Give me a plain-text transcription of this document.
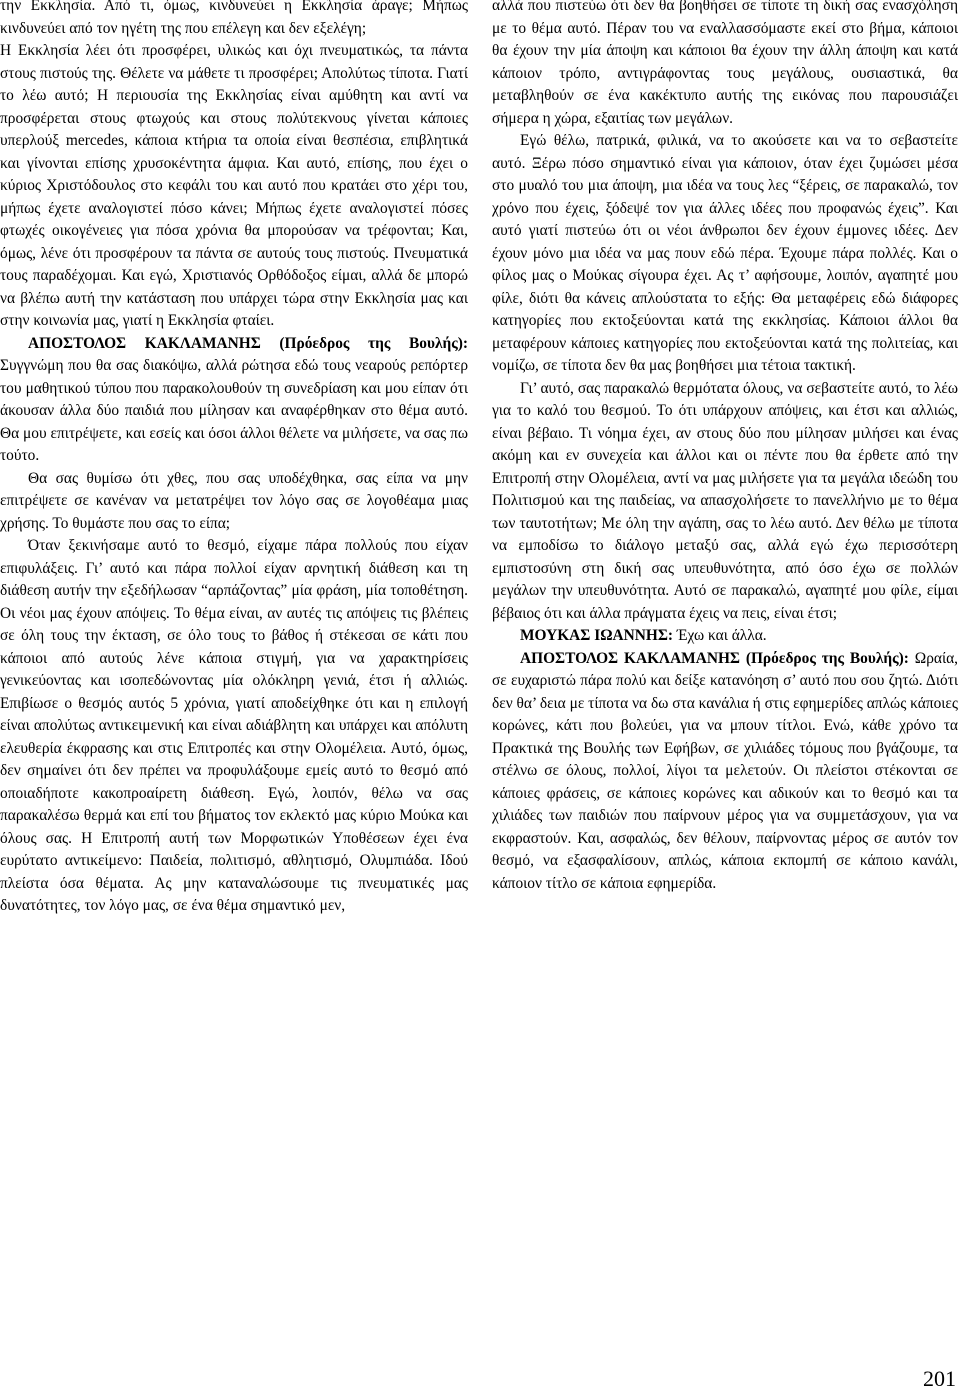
την Εκκλησία. Από τι, όμως, κινδυνεύει η Εκκλησία άραγε; Μήπως κινδυνεύει από τον ηγέτη της που επέλεγη και δεν εξελέγη;

Η Εκκλησία λέει ότι προσφέρει, υλικώς και όχι πνευματικώς, τα πάντα στους πιστούς της. Θέλετε να μάθετε τι προσφέρει; Απολύτως τίποτα. Γιατί το λέω αυτό; Η περιουσία της Εκκλησίας είναι αμύθητη και αντί να προσφέρεται στους φτωχούς και στους πολύτεκνους γίνεται κάποιες υπερλούξ mercedes, κάποια κτήρια τα οποία είναι θεσπέσια, επιβλητικά και γίνονται επίσης χρυσοκέντητα άμφια. Και αυτό, επίσης, που έχει ο κύριος Χριστόδουλος στο κεφάλι του και αυτό που κρατάει στο χέρι του, μήπως έχετε αναλογιστεί πόσο κάνει; Μήπως έχετε αναλογιστεί πόσες φτωχές οικογένειες για πόσα χρόνια θα μπορούσαν να τρέφονται; Και, όμως, λένε ότι προσφέρουν τα πάντα σε αυτούς τους πιστούς. Πνευματικά τους παραδέχομαι. Και εγώ, Χριστιανός Ορθόδοξος είμαι, αλλά δε μπορώ να βλέπω αυτή την κατάσταση που υπάρχει τώρα στην Εκκλησία μας και στην κοινωνία μας, γιατί η Εκκλησία φταίει.

ΑΠΟΣΤΟΛΟΣ ΚΑΚΛΑΜΑΝΗΣ (Πρόεδρος της Βουλής): Συγγνώμη που θα σας διακόψω, αλλά ρώτησα εδώ τους νεαρούς ρεπόρτερ του μαθητικού τύπου που παρακολουθούν τη συνεδρίαση και μου είπαν ότι άκουσαν άλλα δύο παιδιά που μίλησαν και αναφέρθηκαν στο θέμα αυτό. Θα μου επιτρέψετε, και εσείς και όσοι άλλοι θέλετε να μιλήσετε, να σας πω τούτο.

Θα σας θυμίσω ότι χθες, που σας υποδέχθηκα, σας είπα να μην επιτρέψετε σε κανέναν να μετατρέψει τον λόγο σας σε λογοθέαμα μιας χρήσης. Το θυμάστε που σας το είπα;

Όταν ξεκινήσαμε αυτό το θεσμό, είχαμε πάρα πολλούς που είχαν επιφυλάξεις. Γι’ αυτό και πάρα πολλοί είχαν αρνητική διάθεση και τη διάθεση αυτήν την εξεδήλωσαν “αρπάζοντας” μία φράση, μία τοποθέτηση. Οι νέοι μας έχουν απόψεις. Το θέμα είναι, αν αυτές τις απόψεις τις βλέπεις σε όλη τους την έκταση, σε όλο τους το βάθος ή στέκεσαι σε κάτι που κάποιοι από αυτούς λένε κάποια στιγμή, για να χαρακτηρίσεις γενικεύοντας και ισοπεδώνοντας μία ολόκληρη γενιά, έτσι ή αλλιώς. Επιβίωσε ο θεσμός αυτός 5 χρόνια, γιατί αποδείχθηκε ότι και η επιλογή είναι απολύτως αντικειμενική και είναι αδιάβλητη και υπάρχει και απόλυτη ελευθερία έκφρασης και στις Επιτροπές και στην Ολομέλεια. Αυτό, όμως, δεν σημαίνει ότι δεν πρέπει να προφυλάξουμε εμείς αυτό το θεσμό από οποιαδήποτε κακοπροαίρετη διάθεση. Εγώ, λοιπόν, θέλω να σας παρακαλέσω θερμά και επί του βήματος τον εκλεκτό μας κύριο Μούκα και όλους σας. Η Επιτροπή αυτή των Μορφωτικών Υποθέσεων έχει ένα ευρύτατο αντικείμενο: Παιδεία, πολιτισμό, αθλητισμό, Ολυμπιάδα. Ιδού πλείστα όσα θέματα. Ας μην καταναλώσουμε τις πνευματικές μας δυνατότητες, τον λόγο μας, σε ένα θέμα σημαντικό μεν,

αλλά που πιστεύω ότι δεν θα βοηθήσει σε τίποτε τη δική σας ενασχόληση με το θέμα αυτό. Πέραν του να εναλλασσόμαστε εκεί στο βήμα, κάποιοι θα έχουν την μία άποψη και κάποιοι θα έχουν την άλλη άποψη και κατά κάποιον τρόπο, αντιγράφοντας τους μεγάλους, ουσιαστικά, θα μεταβληθούν σε ένα κακέκτυπο αυτής της εικόνας που παρουσιάζει σήμερα η χώρα, εξαιτίας των μεγάλων.

Εγώ θέλω, πατρικά, φιλικά, να το ακούσετε και να το σεβαστείτε αυτό. Ξέρω πόσο σημαντικό είναι για κάποιον, όταν έχει ζυμώσει μέσα στο μυαλό του μια άποψη, μια ιδέα να τους λες “ξέρεις, σε παρακαλώ, τον χρόνο που έχεις, ξόδεψέ τον για άλλες ιδέες που προφανώς έχεις”. Και αυτό γιατί πιστεύω ότι οι νέοι άνθρωποι δεν έχουν έμμονες ιδέες. Δεν έχουν μόνο μια ιδέα να μας πουν εδώ πέρα. Έχουμε πάρα πολλές. Και ο φίλος μας ο Μούκας σίγουρα έχει. Ας τ’ αφήσουμε, λοιπόν, αγαπητέ μου φίλε, διότι θα κάνεις απλούστατα το εξής: Θα μεταφέρεις εδώ διάφορες κατηγορίες που εκτοξεύονται κατά της εκκλησίας. Κάποιοι άλλοι θα μεταφέρουν κάποιες κατηγορίες που εκτοξεύονται κατά της πολιτείας, και νομίζω, σε τίποτα δεν θα μας βοηθήσει μια τέτοια τακτική.

Γι’ αυτό, σας παρακαλώ θερμότατα όλους, να σεβαστείτε αυτό, το λέω για το καλό του θεσμού. Το ότι υπάρχουν απόψεις, και έτσι και αλλιώς, είναι βέβαιο. Τι νόημα έχει, αν στους δύο που μίλησαν μιλήσει και ένας ακόμη και εν συνεχεία και άλλοι και οι πέντε που θα έρθετε από την Επιτροπή στην Ολομέλεια, αντί να μας μιλήσετε για τα μεγάλα ιδεώδη του Πολιτισμού και της παιδείας, να απασχολήσετε το πανελλήνιο με το θέμα των ταυτοτήτων; Με όλη την αγάπη, σας το λέω αυτό. Δεν θέλω με τίποτα να εμποδίσω το διάλογο μεταξύ σας, αλλά εγώ έχω περισσότερη εμπιστοσύνη στη δική σας υπευθυνότητα, από όσο έχω σε πολλών μεγάλων την υπευθυνότητα. Αυτό σε παρακαλώ, αγαπητέ μου φίλε, είμαι βέβαιος ότι και άλλα πράγματα έχεις να πεις, είναι έτσι;

ΜΟΥΚΑΣ ΙΩΑΝΝΗΣ: Έχω και άλλα.

ΑΠΟΣΤΟΛΟΣ ΚΑΚΛΑΜΑΝΗΣ (Πρόεδρος της Βουλής): Ωραία, σε ευχαριστώ πάρα πολύ και δείξε κατανόηση σ’ αυτό που σου ζητώ. Διότι δεν θα’ δεια με τίποτα να δω στα κανάλια ή στις εφημερίδες απλώς κάποιες κορώνες, κάτι που βολεύει, για να μπουν τίτλοι. Ενώ, κάθε χρόνο τα Πρακτικά της Βουλής των Εφήβων, σε χιλιάδες τόμους που βγάζουμε, τα στέλνω σε όλους, πολλοί, λίγοι τα μελετούν. Οι πλείστοι στέκονται σε κάποιες φράσεις, σε κάποιες κορώνες και αδικούν και το θεσμό και τα χιλιάδες των παιδιών που παίρνουν μέρος για να συμμετάσχουν, για να εκφραστούν. Και, ασφαλώς, δεν θέλουν, παίρνοντας μέρος σε αυτόν τον θεσμό, να εξασφαλίσουν, απλώς, κάποια εκπομπή σε κάποιο κανάλι, κάποιον τίτλο σε κάποια εφημερίδα.

201
